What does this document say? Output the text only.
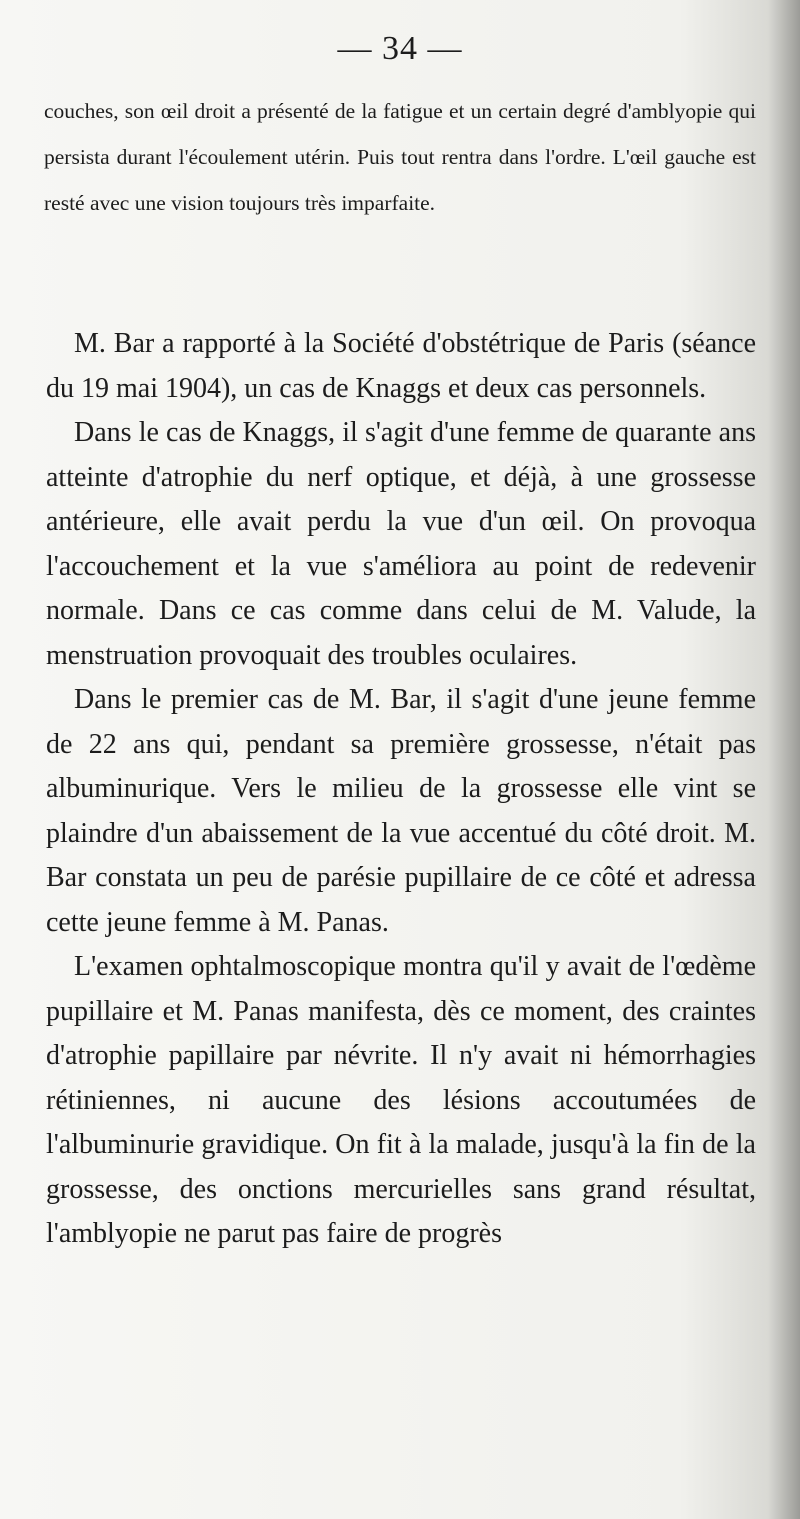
— 34 —

couches, son œil droit a présenté de la fatigue et un certain degré d'amblyopie qui persista durant l'écoulement utérin. Puis tout rentra dans l'ordre. L'œil gauche est resté avec une vision toujours très imparfaite.

M. Bar a rapporté à la Société d'obstétrique de Paris (séance du 19 mai 1904), un cas de Knaggs et deux cas personnels.

Dans le cas de Knaggs, il s'agit d'une femme de quarante ans atteinte d'atrophie du nerf optique, et déjà, à une grossesse antérieure, elle avait perdu la vue d'un œil. On provoqua l'accouchement et la vue s'améliora au point de redevenir normale. Dans ce cas comme dans celui de M. Valude, la menstruation provoquait des troubles oculaires.

Dans le premier cas de M. Bar, il s'agit d'une jeune femme de 22 ans qui, pendant sa première grossesse, n'était pas albuminurique. Vers le milieu de la grossesse elle vint se plaindre d'un abaissement de la vue accentué du côté droit. M. Bar constata un peu de parésie pupillaire de ce côté et adressa cette jeune femme à M. Panas.

L'examen ophtalmoscopique montra qu'il y avait de l'œdème pupillaire et M. Panas manifesta, dès ce moment, des craintes d'atrophie papillaire par névrite. Il n'y avait ni hémorrhagies rétiniennes, ni aucune des lésions accoutumées de l'albuminurie gravidique. On fit à la malade, jusqu'à la fin de la grossesse, des onctions mercurielles sans grand résultat, l'amblyopie ne parut pas faire de progrès
